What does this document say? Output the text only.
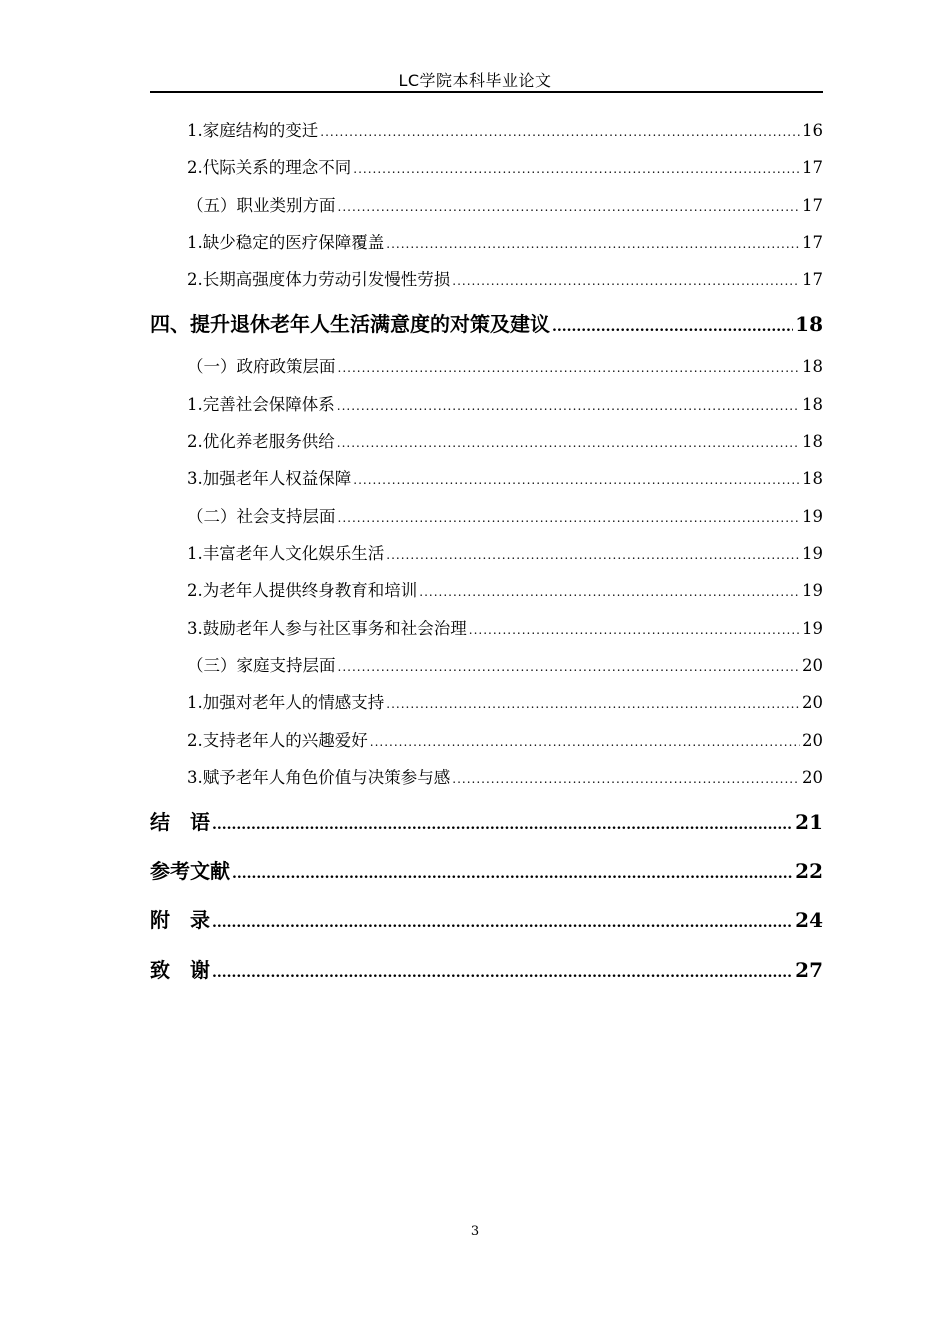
LC学院本科毕业论文
1.家庭结构的变迁 .....	16
2.代际关系的理念不同 .....	17
（五）职业类别方面 .....	17
1.缺少稳定的医疗保障覆盖 .....	17
2.长期高强度体力劳动引发慢性劳损 .....	17
四、提升退休老年人生活满意度的对策及建议 .....	18
（一）政府政策层面 .....	18
1.完善社会保障体系 .....	18
2.优化养老服务供给 .....	18
3.加强老年人权益保障 .....	18
（二）社会支持层面 .....	19
1.丰富老年人文化娱乐生活 .....	19
2.为老年人提供终身教育和培训 .....	19
3.鼓励老年人参与社区事务和社会治理 .....	19
（三）家庭支持层面 .....	20
1.加强对老年人的情感支持 .....	20
2.支持老年人的兴趣爱好 .....	20
3.赋予老年人角色价值与决策参与感 .....	20
结　语 .....	21
参考文献 .....	22
附　录 .....	24
致　谢 .....	27
3
